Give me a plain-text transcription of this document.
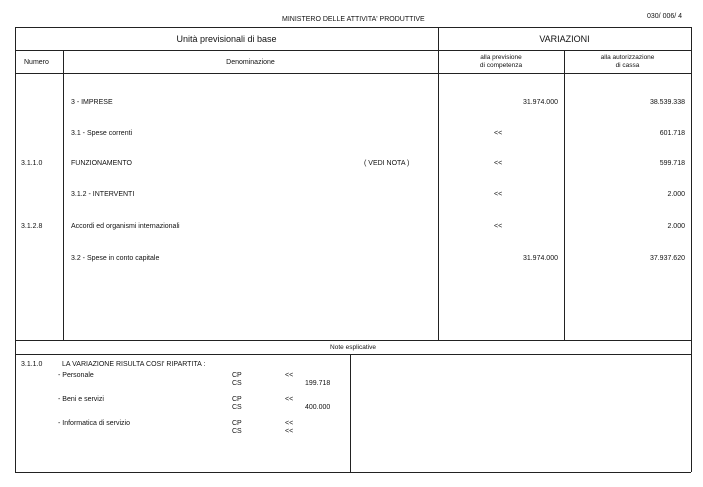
MINISTERO DELLE ATTIVITA' PRODUTTIVE	030/ 006/ 4
Unità previsionali di base	VARIAZIONI
Numero	Denominazione
alla previsione
di competenza
alla autorizzazione
di cassa
3 - IMPRESE	31.974.000	38.539.338
3.1 - Spese correnti	<<	601.718
3.1.1.0	FUNZIONAMENTO	( VEDI NOTA )	<<	599.718
3.1.2 - INTERVENTI	<<	2.000
3.1.2.8	Accordi ed organismi internazionali	<<	2.000
3.2 - Spese in conto capitale	31.974.000	37.937.620
Note esplicative
3.1.1.0	LA VARIAZIONE RISULTA COSI' RIPARTITA :
- Personale	CP	<<
CS	199.718
- Beni e servizi	CP	<<
CS	400.000
- Informatica di servizio	CP	<<
CS	<<
